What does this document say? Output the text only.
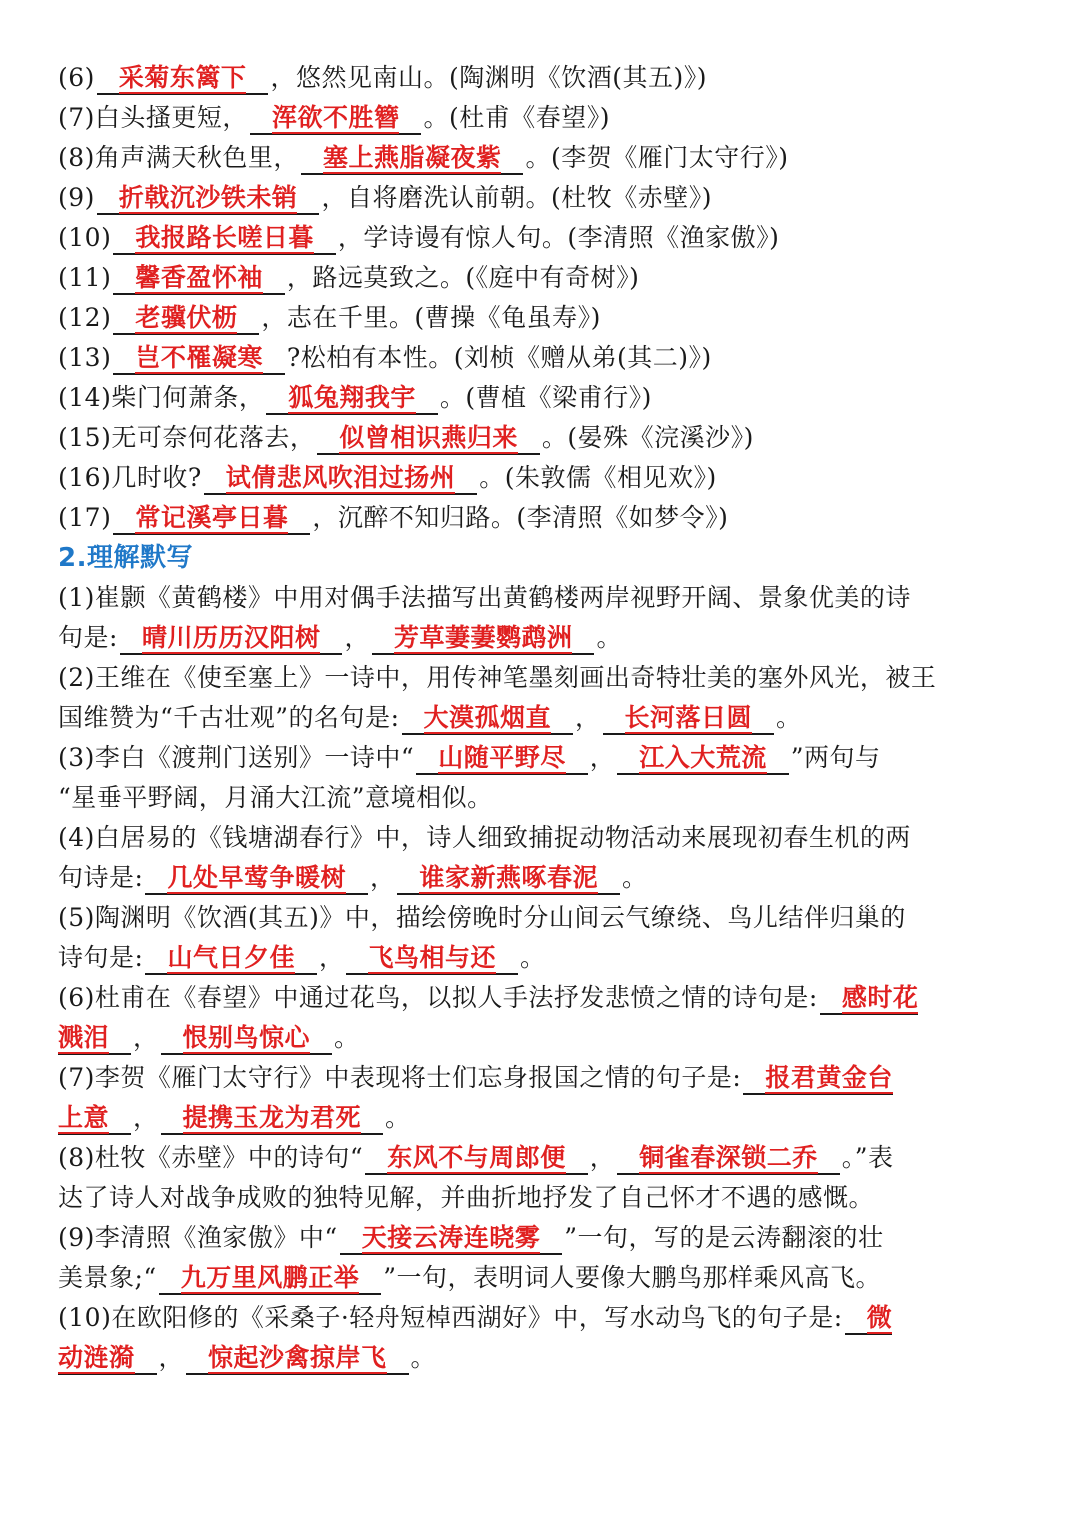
(6) 采菊东篱下 ，悠然见南山。(陶渊明《饮酒(其五)》)
(7)白头搔更短， 浑欲不胜簪 。(杜甫《春望》)
(8)角声满天秋色里， 塞上燕脂凝夜紫 。(李贺《雁门太守行》)
(9) 折戟沉沙铁未销 ，自将磨洗认前朝。(杜牧《赤壁》)
(10) 我报路长嗟日暮 ，学诗谩有惊人句。(李清照《渔家傲》)
(11) 馨香盈怀袖 ，路远莫致之。(《庭中有奇树》)
(12) 老骥伏枥 ，志在千里。(曹操《龟虽寿》)
(13) 岂不罹凝寒 ?松柏有本性。(刘桢《赠从弟(其二)》)
(14)柴门何萧条， 狐兔翔我宇 。(曹植《梁甫行》)
(15)无可奈何花落去， 似曾相识燕归来 。(晏殊《浣溪沙》)
(16)几时收? 试倩悲风吹泪过扬州 。(朱敦儒《相见欢》)
(17) 常记溪亭日暮 ，沉醉不知归路。(李清照《如梦令》)
2.理解默写
(1)崔颢《黄鹤楼》中用对偶手法描写出黄鹤楼两岸视野开阔、景象优美的诗
句是: 晴川历历汉阳树 ， 芳草萋萋鹦鹉洲 。
(2)王维在《使至塞上》一诗中，用传神笔墨刻画出奇特壮美的塞外风光，被王
国维赞为“千古壮观”的名句是: 大漠孤烟直 ， 长河落日圆 。
(3)李白《渡荆门送别》一诗中“ 山随平野尽 ， 江入大荒流 ”两句与
“星垂平野阔，月涌大江流”意境相似。
(4)白居易的《钱塘湖春行》中，诗人细致捕捉动物活动来展现初春生机的两
句诗是: 几处早莺争暖树 ， 谁家新燕啄春泥 。
(5)陶渊明《饮酒(其五)》中，描绘傍晚时分山间云气缭绕、鸟儿结伴归巢的
诗句是: 山气日夕佳 ， 飞鸟相与还 。
(6)杜甫在《春望》中通过花鸟，以拟人手法抒发悲愤之情的诗句是: 感时花
溅泪 ， 恨别鸟惊心 。
(7)李贺《雁门太守行》中表现将士们忘身报国之情的句子是: 报君黄金台
上意 ， 提携玉龙为君死 。
(8)杜牧《赤壁》中的诗句“ 东风不与周郎便 ， 铜雀春深锁二乔 。”表
达了诗人对战争成败的独特见解，并曲折地抒发了自己怀才不遇的感慨。
(9)李清照《渔家傲》中“ 天接云涛连晓雾 ”一句，写的是云涛翻滚的壮
美景象;“ 九万里风鹏正举 ”一句，表明词人要像大鹏鸟那样乘风高飞。
(10)在欧阳修的《采桑子·轻舟短棹西湖好》中，写水动鸟飞的句子是: 微
动涟漪 ， 惊起沙禽掠岸飞 。
